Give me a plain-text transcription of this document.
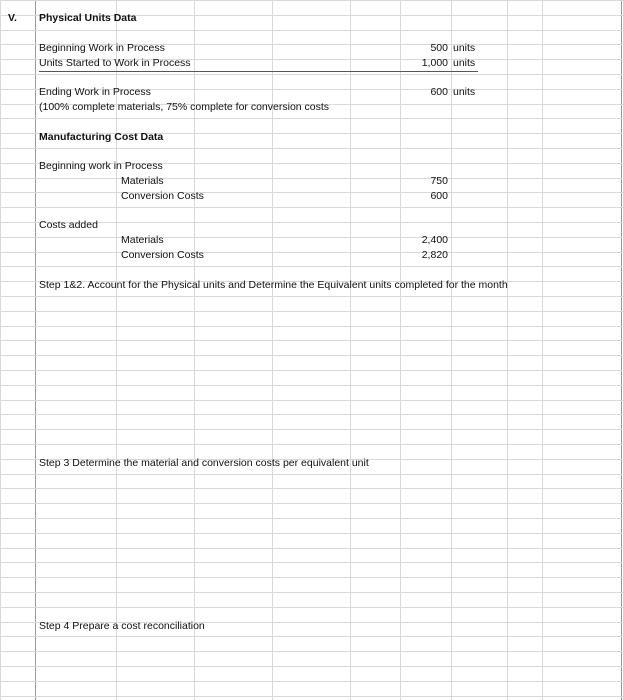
V. Physical Units Data
Beginning Work in Process	500 units
Units Started to Work in Process	1,000 units
Ending Work in Process	600 units
(100% complete materials, 75% complete for conversion costs
Manufacturing Cost Data
Beginning work in Process
Materials	750
Conversion Costs	600
Costs added
Materials	2,400
Conversion Costs	2,820
Step 1&2. Account for the Physical units and Determine the Equivalent units completed for the month
Step 3 Determine the material and conversion costs per equivalent unit
Step 4 Prepare a cost reconciliation
